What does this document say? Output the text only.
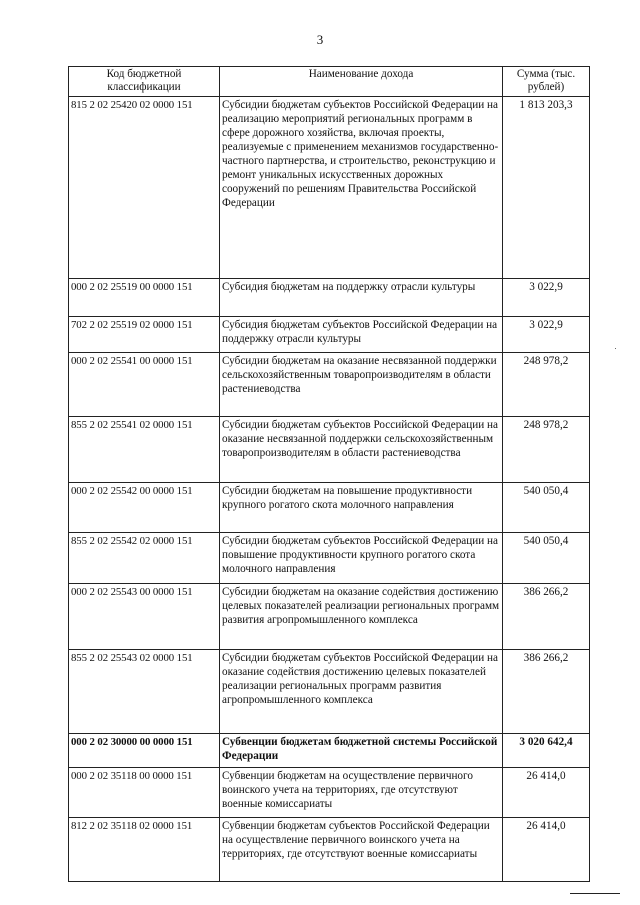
3
Код бюджетной классификации	Наименование дохода	Сумма (тыс. рублей)
815 2 02 25420 02 0000 151	Субсидии бюджетам субъектов Российской Федерации на реализацию мероприятий региональных программ в сфере дорожного хозяйства, включая проекты, реализуемые с применением механизмов государственно-частного партнерства, и строительство, реконструкцию и ремонт уникальных искусственных дорожных сооружений по решениям Правительства Российской Федерации	1 813 203,3
000 2 02 25519 00 0000 151	Субсидия бюджетам на поддержку отрасли культуры	3 022,9
702 2 02 25519 02 0000 151	Субсидия бюджетам субъектов Российской Федерации на поддержку отрасли культуры	3 022,9
000 2 02 25541 00 0000 151	Субсидии бюджетам на оказание несвязанной поддержки сельскохозяйственным товаропроизводителям в области растениеводства	248 978,2
855 2 02 25541 02 0000 151	Субсидии бюджетам субъектов Российской Федерации на оказание несвязанной поддержки сельскохозяйственным товаропроизводителям в области растениеводства	248 978,2
000 2 02 25542 00 0000 151	Субсидии бюджетам на повышение продуктивности крупного рогатого скота молочного направления	540 050,4
855 2 02 25542 02 0000 151	Субсидии бюджетам субъектов Российской Федерации на повышение продуктивности крупного рогатого скота молочного направления	540 050,4
000 2 02 25543 00 0000 151	Субсидии бюджетам на оказание содействия достижению целевых показателей реализации региональных программ развития агропромышленного комплекса	386 266,2
855 2 02 25543 02 0000 151	Субсидии бюджетам субъектов Российской Федерации на оказание содействия достижению целевых показателей реализации региональных программ развития агропромышленного комплекса	386 266,2
000 2 02 30000 00 0000 151	Субвенции бюджетам бюджетной системы Российской Федерации	3 020 642,4
000 2 02 35118 00 0000 151	Субвенции бюджетам на осуществление первичного воинского учета на территориях, где отсутствуют военные комиссариаты	26 414,0
812 2 02 35118 02 0000 151	Субвенции бюджетам субъектов Российской Федерации на осуществление первичного воинского учета на территориях, где отсутствуют военные комиссариаты	26 414,0
